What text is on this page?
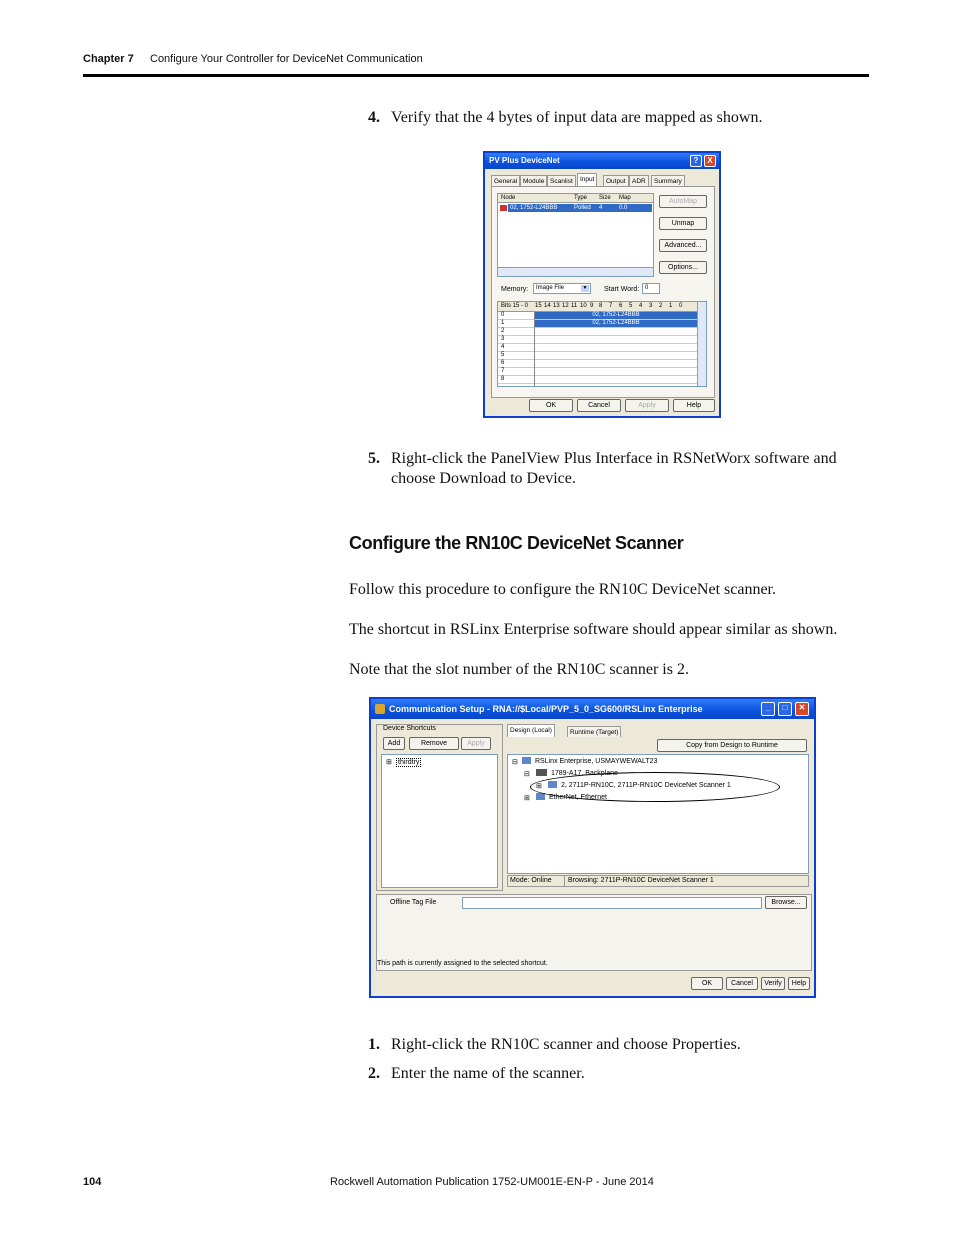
Chapter 7 Configure Your Controller for DeviceNet Communication
4. Verify that the 4 bytes of input data are mapped as shown.
PV Plus DeviceNet	?	X
General Module Scanlist	Input	Output ADR	Summary
Node	Type Size Map
02, 1752-L24BBB	Polled 4	0.0
AutoMap
Unmap
Advanced...
Options...
Memory:	Image File	▼ Start Word: 0
Bits 15 - 0 15 14 13 12 11 10 9 8 7 6 5 4 3 2 1 0
0	02, 1752-L24BBB
1	02, 1752-L24BBB
2
3
4
5
6
7
8
OK	Cancel	Apply	Help
5. Right-click the PanelView Plus Interface in RSNetWorx software and choose Download to Device.
Configure the RN10C DeviceNet Scanner
Follow this procedure to configure the RN10C DeviceNet scanner.
The shortcut in RSLinx Enterprise software should appear similar as shown.
Note that the slot number of the RN10C scanner is 2.
Communication Setup - RNA://$Local/PVP_5_0_SG600/RSLinx Enterprise	_	□	✕
Device Shortcuts
Add	Remove	Apply
⊞ thirdtry
Design (Local)	Runtime (Target)
Copy from Design to Runtime
⊟ RSLinx Enterprise, USMAYWEWALT23
⊟	1789-A17, Backplane
⊞	2, 2711P-RN10C, 2711P-RN10C DeviceNet Scanner 1
⊞	EtherNet, Ethernet
Mode: Online	Browsing: 2711P-RN10C DeviceNet Scanner 1
Offline Tag File	Browse...
This path is currently assigned to the selected shortcut.
OK	Cancel	Verify	Help
1. Right-click the RN10C scanner and choose Properties.
2. Enter the name of the scanner.
104	Rockwell Automation Publication 1752-UM001E-EN-P - June 2014
